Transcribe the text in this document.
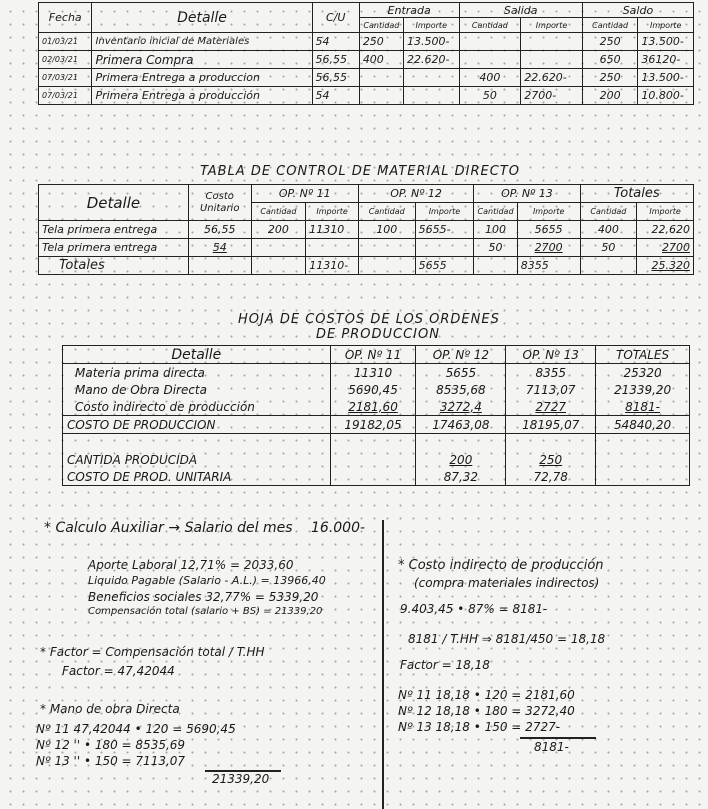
Fecha	Detalle	C/U	Entrada		Salida		Saldo	
			Cantidad	Importe	Cantidad	Importe	Cantidad	Importe
01/03/21	Inventario inicial de Materiales	54	250	13.500-			250	13.500-
02/03/21	Primera Compra	56,55	400	22.620-			650	36120-
07/03/21	Primera Entrega a produccion	56,55			400	22.620-	250	13.500-
07/03/21	Primera Entrega a producción	54			50	2700-	200	10.800-
TABLA DE CONTROL DE MATERIAL DIRECTO
Detalle	Costo Unitario	OP. Nº 11		OP. Nº 12		OP. Nº 13		Totales	
		Cantidad	Importe	Cantidad	Importe	Cantidad	Importe	Cantidad	Importe
Tela primera entrega	56,55	200	11310	100	5655-	100	5655	400	22,620
Tela primera entrega	54					50	2700	50	2700
Totales			11310-		5655		8355		25.320
HOJA DE COSTOS DE LOS ORDENES
DE PRODUCCION
Detalle	OP. Nº 11	OP. Nº 12	OP. Nº 13	TOTALES
Materia prima directa	11310	5655	8355	25320
Mano de Obra Directa	5690,45	8535,68	7113,07	21339,20
Costo indirecto de producción	2181,60	3272,4	2727	8181-
COSTO DE PRODUCCION	19182,05	17463,08	18195,07	54840,20

CANTIDA PRODUCIDA		200	250	
COSTO DE PROD. UNITARIA		87,32	72,78	
* Calculo Auxiliar → Salario del mes 16.000-
Aporte Laboral 12,71% = 2033,60
Liquido Pagable (Salario - A.L.) = 13966,40
Beneficios sociales 32,77% = 5339,20
Compensación total (salario + BS) = 21339,20
* Factor = Compensación total / T.HH
Factor = 47,42044
* Mano de obra Directa
Nº 11 47,42044 • 120 = 5690,45
Nº 12 '' • 180 = 8535,69
Nº 13 '' • 150 = 7113,07
21339,20
* Costo indirecto de producción
(compra materiales indirectos)
9.403,45 • 87% = 8181-
8181 / T.HH ⇒ 8181/450 = 18,18
Factor = 18,18
Nº 11 18,18 • 120 = 2181,60
Nº 12 18,18 • 180 = 3272,40
Nº 13 18,18 • 150 = 2727-
8181-
